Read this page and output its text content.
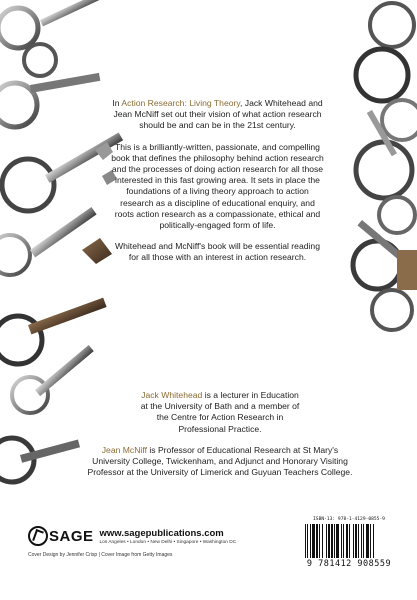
In Action Research: Living Theory, Jack Whitehead and Jean McNiff set out their vision of what action research should be and can be in the 21st century.

This is a brilliantly-written, passionate, and compelling book that defines the philosophy behind action research and the processes of doing action research for all those interested in this fast growing area. It sets in place the foundations of a living theory approach to action research as a discipline of educational enquiry, and roots action research as a compassionate, ethical and politically-engaged form of life.

Whitehead and McNiff's book will be essential reading for all those with an interest in action research.

Jack Whitehead is a lecturer in Education at the University of Bath and a member of the Centre for Action Research in Professional Practice.

Jean McNiff is Professor of Educational Research at St Mary's University College, Twickenham, and Adjunct and Honorary Visiting Professor at the University of Limerick and Guyuan Teachers College.

SAGE www.sagepublications.com
Los Angeles • London • New Delhi • Singapore • Washington DC
Cover Design by Jennifer Crisp | Cover Image from Getty Images
ISBN-13: 978-1-4129-0855-9
9 781412 908559
